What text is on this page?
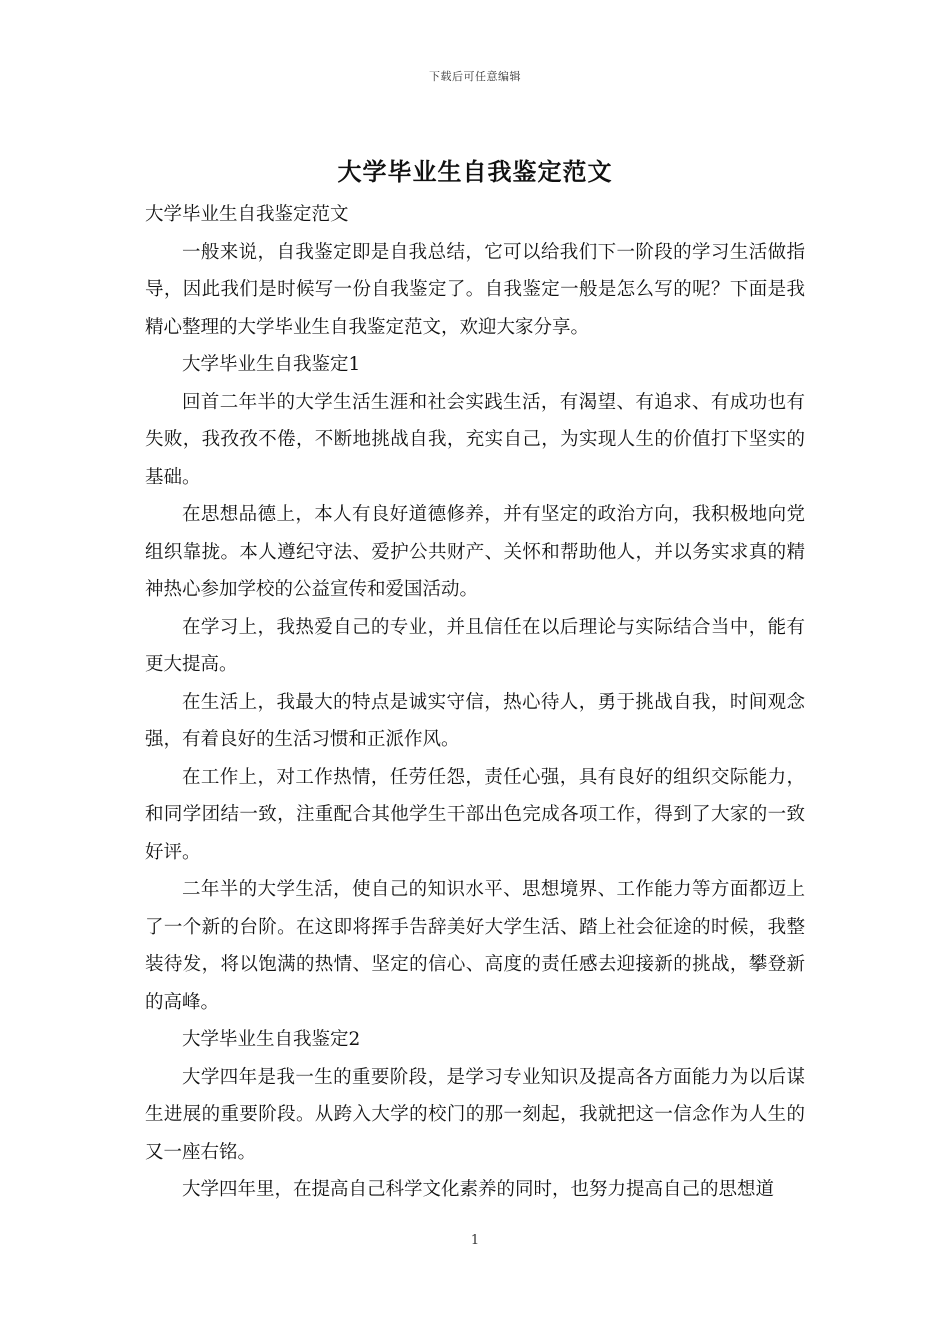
下载后可任意编辑
大学毕业生自我鉴定范文

大学毕业生自我鉴定范文

一般来说，自我鉴定即是自我总结，它可以给我们下一阶段的学习生活做指导，因此我们是时候写一份自我鉴定了。自我鉴定一般是怎么写的呢？下面是我精心整理的大学毕业生自我鉴定范文，欢迎大家分享。

大学毕业生自我鉴定1

回首二年半的大学生活生涯和社会实践生活，有渴望、有追求、有成功也有失败，我孜孜不倦，不断地挑战自我，充实自己，为实现人生的价值打下坚实的基础。

在思想品德上，本人有良好道德修养，并有坚定的政治方向，我积极地向党组织靠拢。本人遵纪守法、爱护公共财产、关怀和帮助他人，并以务实求真的精神热心参加学校的公益宣传和爱国活动。

在学习上，我热爱自己的专业，并且信任在以后理论与实际结合当中，能有更大提高。

在生活上，我最大的特点是诚实守信，热心待人，勇于挑战自我，时间观念强，有着良好的生活习惯和正派作风。

在工作上，对工作热情，任劳任怨，责任心强，具有良好的组织交际能力，和同学团结一致，注重配合其他学生干部出色完成各项工作，得到了大家的一致好评。

二年半的大学生活，使自己的知识水平、思想境界、工作能力等方面都迈上了一个新的台阶。在这即将挥手告辞美好大学生活、踏上社会征途的时候，我整装待发，将以饱满的热情、坚定的信心、高度的责任感去迎接新的挑战，攀登新的高峰。

大学毕业生自我鉴定2

大学四年是我一生的重要阶段，是学习专业知识及提高各方面能力为以后谋生进展的重要阶段。从跨入大学的校门的那一刻起，我就把这一信念作为人生的又一座右铭。

大学四年里，在提高自己科学文化素养的同时，也努力提高自己的思想道

1
